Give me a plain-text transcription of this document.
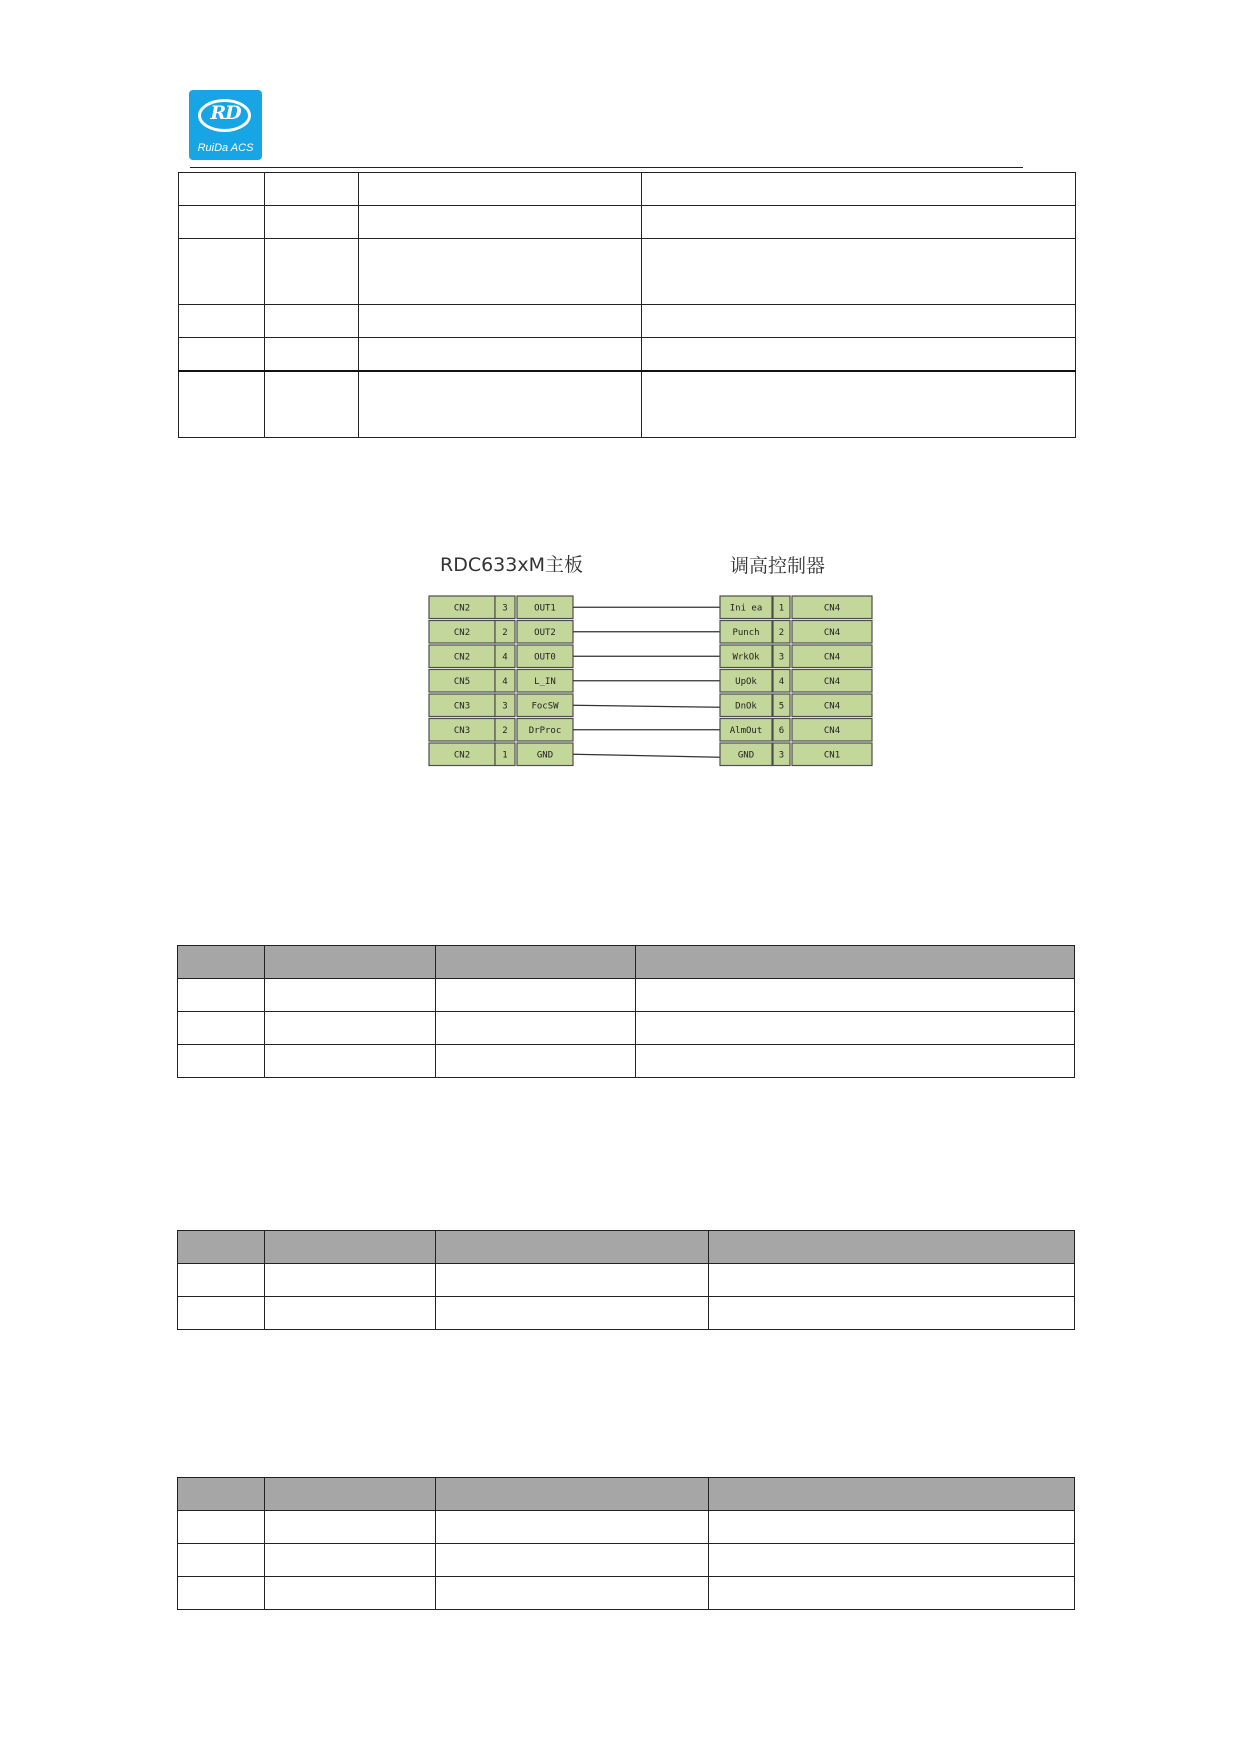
RD
RuiDa ACS

RDC633xM主板	调高控制器
CN2	3	OUT1
CN2	2	OUT2
CN2	4	OUT0
CN5	4	L_IN
CN3	3	FocSW
CN3	2 DrProc
CN2	1	GND
Ini ea 1	CN4
Punch 2	CN4
WrkOk 3	CN4
UpOk 4	CN4
DnOk 5	CN4
AlmOut 6	CN4
GND	3	CN1
